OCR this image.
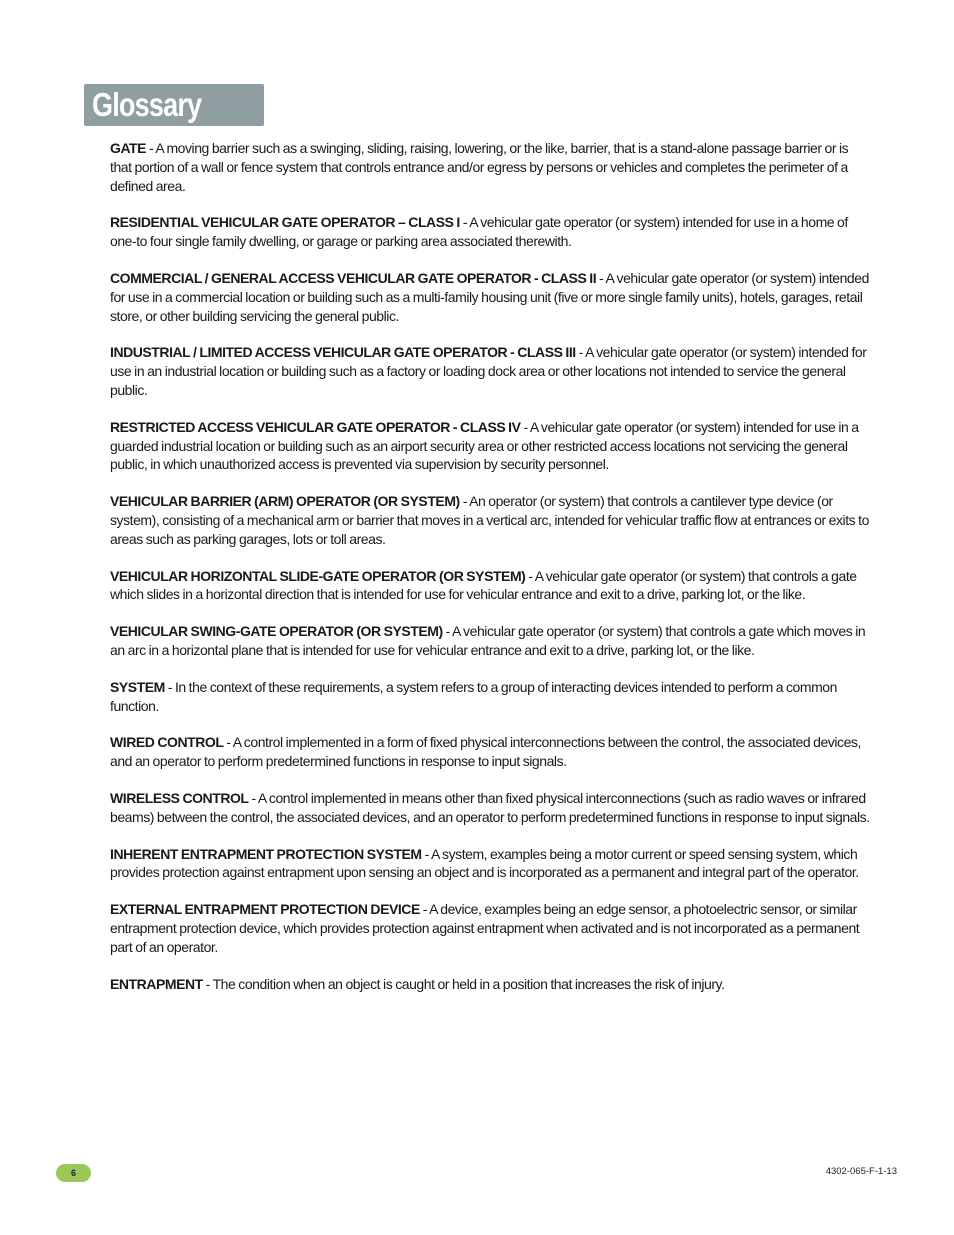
Glossary

GATE - A moving barrier such as a swinging, sliding, raising, lowering, or the like, barrier, that is a stand-alone passage barrier or is that portion of a wall or fence system that controls entrance and/or egress by persons or vehicles and completes the perimeter of a defined area.

RESIDENTIAL VEHICULAR GATE OPERATOR – CLASS I - A vehicular gate operator (or system) intended for use in a home of one-to four single family dwelling, or garage or parking area associated therewith.

COMMERCIAL / GENERAL ACCESS VEHICULAR GATE OPERATOR - CLASS II - A vehicular gate operator (or system) intended for use in a commercial location or building such as a multi-family housing unit (five or more single family units), hotels, garages, retail store, or other building servicing the general public.

INDUSTRIAL / LIMITED ACCESS VEHICULAR GATE OPERATOR - CLASS III - A vehicular gate operator (or system) intended for use in an industrial location or building such as a factory or loading dock area or other locations not intended to service the general public.

RESTRICTED ACCESS VEHICULAR GATE OPERATOR - CLASS IV - A vehicular gate operator (or system) intended for use in a guarded industrial location or building such as an airport security area or other restricted access locations not servicing the general public, in which unauthorized access is prevented via supervision by security personnel.

VEHICULAR BARRIER (ARM) OPERATOR (OR SYSTEM) - An operator (or system) that controls a cantilever type device (or system), consisting of a mechanical arm or barrier that moves in a vertical arc, intended for vehicular traffic flow at entrances or exits to areas such as parking garages, lots or toll areas.

VEHICULAR HORIZONTAL SLIDE-GATE OPERATOR (OR SYSTEM) - A vehicular gate operator (or system) that controls a gate which slides in a horizontal direction that is intended for use for vehicular entrance and exit to a drive, parking lot, or the like.

VEHICULAR SWING-GATE OPERATOR (OR SYSTEM) - A vehicular gate operator (or system) that controls a gate which moves in an arc in a horizontal plane that is intended for use for vehicular entrance and exit to a drive, parking lot, or the like.

SYSTEM - In the context of these requirements, a system refers to a group of interacting devices intended to perform a common function.

WIRED CONTROL - A control implemented in a form of fixed physical interconnections between the control, the associated devices, and an operator to perform predetermined functions in response to input signals.

WIRELESS CONTROL - A control implemented in means other than fixed physical interconnections (such as radio waves or infrared beams) between the control, the associated devices, and an operator to perform predetermined functions in response to input signals.

INHERENT ENTRAPMENT PROTECTION SYSTEM - A system, examples being a motor current or speed sensing system, which provides protection against entrapment upon sensing an object and is incorporated as a permanent and integral part of the operator.

EXTERNAL ENTRAPMENT PROTECTION DEVICE - A device, examples being an edge sensor, a photoelectric sensor, or similar entrapment protection device, which provides protection against entrapment when activated and is not incorporated as a permanent part of an operator.

ENTRAPMENT - The condition when an object is caught or held in a position that increases the risk of injury.

6	4302-065-F-1-13
